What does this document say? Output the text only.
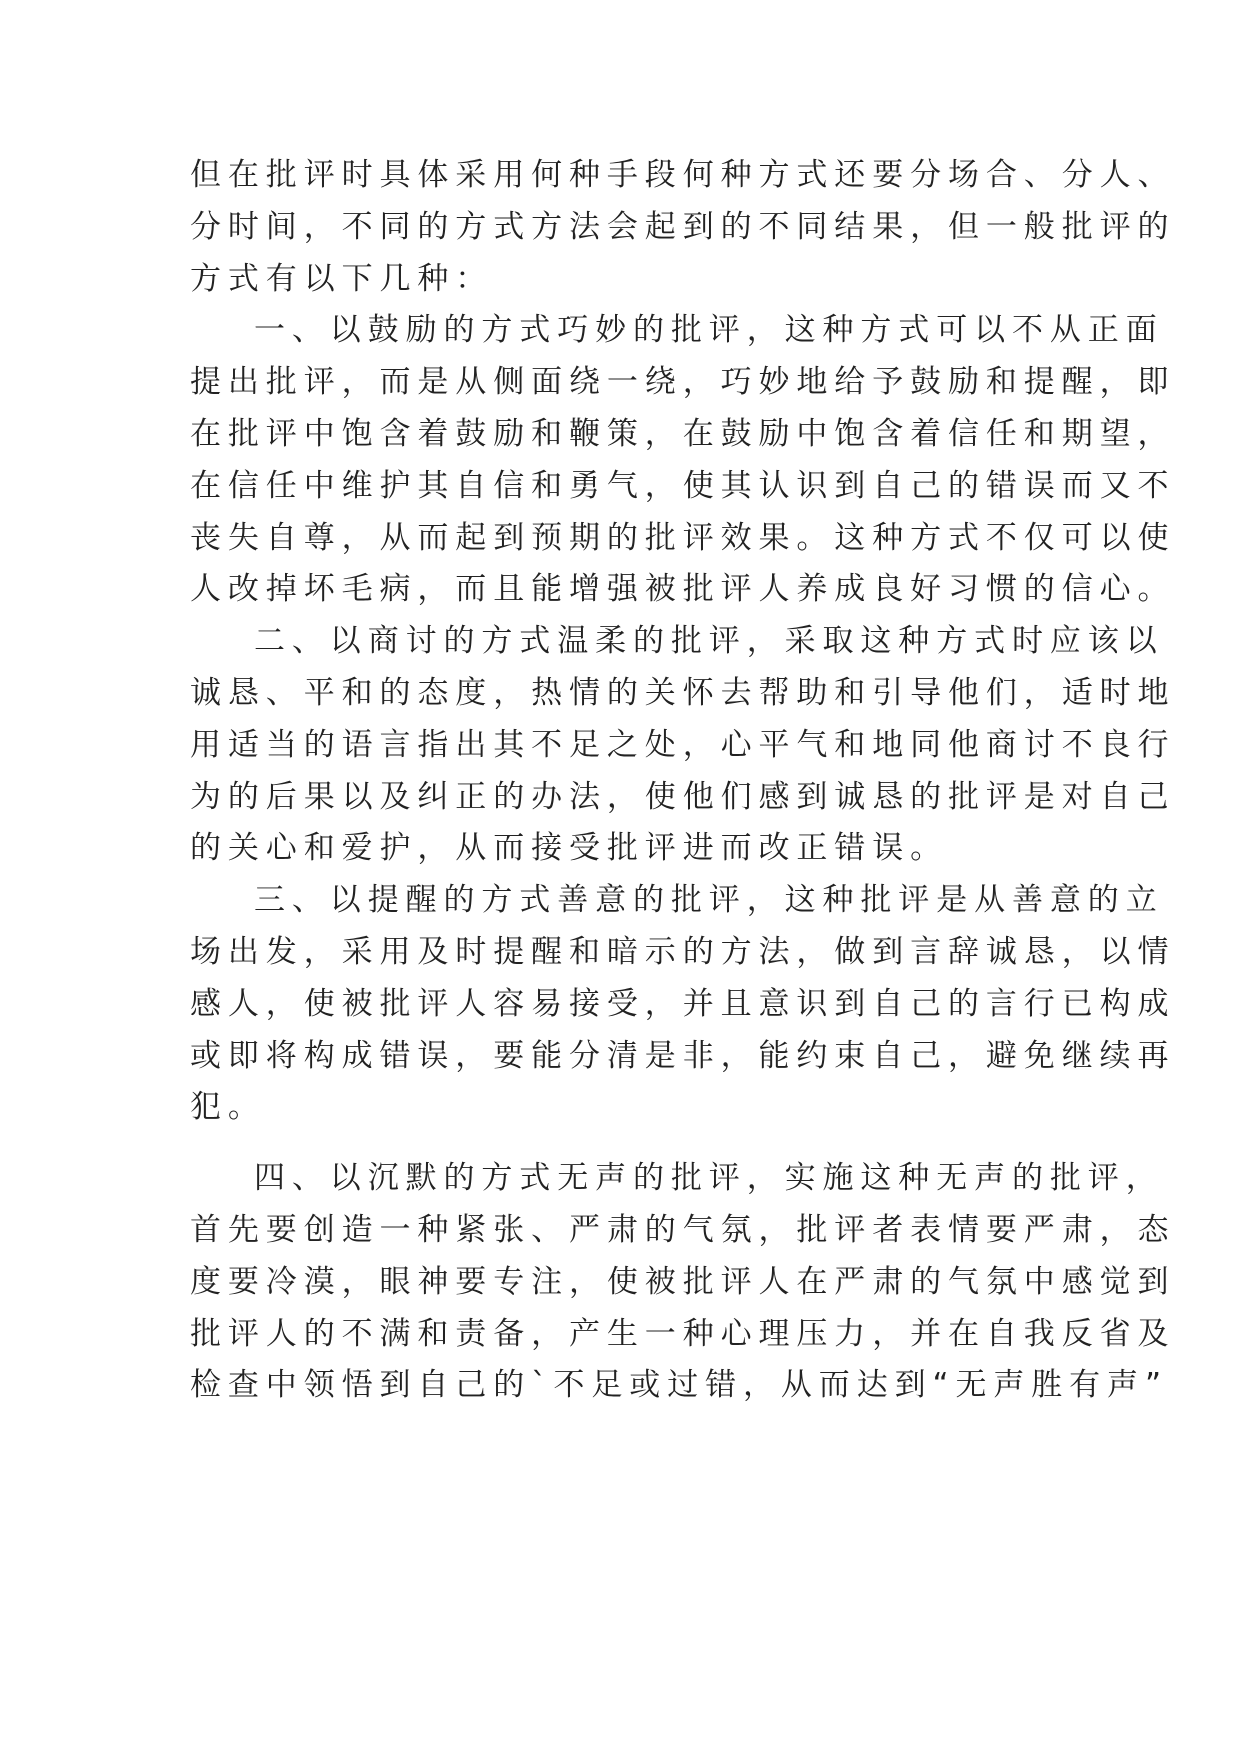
但在批评时具体采用何种手段何种方式还要分场合、分人、
分时间，不同的方式方法会起到的不同结果，但一般批评的
方式有以下几种：
一、以鼓励的方式巧妙的批评，这种方式可以不从正面
提出批评，而是从侧面绕一绕，巧妙地给予鼓励和提醒，即
在批评中饱含着鼓励和鞭策，在鼓励中饱含着信任和期望，
在信任中维护其自信和勇气，使其认识到自己的错误而又不
丧失自尊，从而起到预期的批评效果。这种方式不仅可以使
人改掉坏毛病，而且能增强被批评人养成良好习惯的信心。
二、以商讨的方式温柔的批评，采取这种方式时应该以
诚恳、平和的态度，热情的关怀去帮助和引导他们，适时地
用适当的语言指出其不足之处，心平气和地同他商讨不良行
为的后果以及纠正的办法，使他们感到诚恳的批评是对自己
的关心和爱护，从而接受批评进而改正错误。
三、以提醒的方式善意的批评，这种批评是从善意的立
场出发，采用及时提醒和暗示的方法，做到言辞诚恳，以情
感人，使被批评人容易接受，并且意识到自己的言行已构成
或即将构成错误，要能分清是非，能约束自己，避免继续再
犯。
四、以沉默的方式无声的批评，实施这种无声的批评，
首先要创造一种紧张、严肃的气氛，批评者表情要严肃，态
度要冷漠，眼神要专注，使被批评人在严肃的气氛中感觉到
批评人的不满和责备，产生一种心理压力，并在自我反省及
检查中领悟到自己的`不足或过错，从而达到“无声胜有声”
